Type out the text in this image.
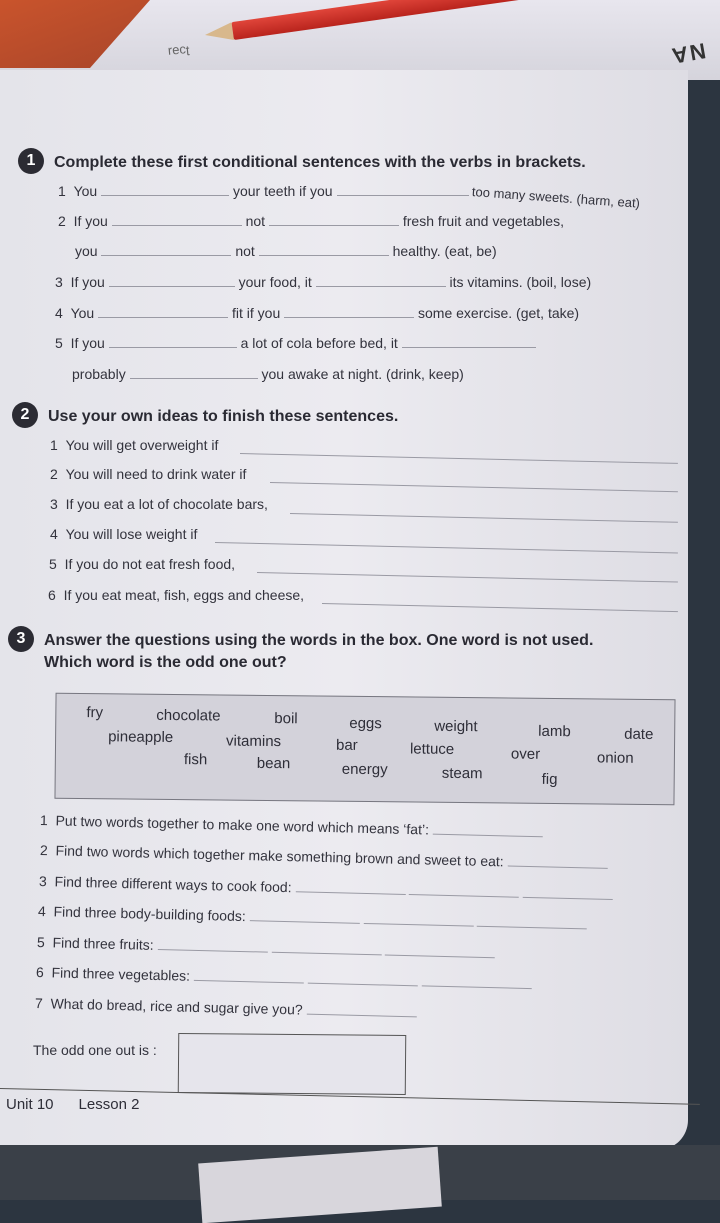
ʇɔǝɹ	NA
1	Complete these first conditional sentences with the verbs in brackets.
1 You	your teeth if you	too many sweets. (harm, eat)
2 If you	not	fresh fruit and vegetables,
you	not	healthy. (eat, be)
3 If you	your food, it	its vitamins. (boil, lose)
4 You	fit if you	some exercise. (get, take)
5 If you	a lot of cola before bed, it
probably	you awake at night. (drink, keep)
2	Use your own ideas to finish these sentences.
1 You will get overweight if
2 You will need to drink water if
3 If you eat a lot of chocolate bars,
4 You will lose weight if
5 If you do not eat fresh food,
6 If you eat meat, fish, eggs and cheese,
3	Answer the questions using the words in the box. One word is not used.
Which word is the odd one out?
fry	chocolate	boil	eggs	weight	lamb	date
pineapple	vitamins	bar	lettuce	over	onion
fish	bean	energy	steam	fig
1 Put two words together to make one word which means ‘fat’:
2 Find two words which together make something brown and sweet to eat:
3 Find three different ways to cook food:
4 Find three body-building foods:
5 Find three fruits:
6 Find three vegetables:
7 What do bread, rice and sugar give you?
The odd one out is :
Unit 10 Lesson 2
